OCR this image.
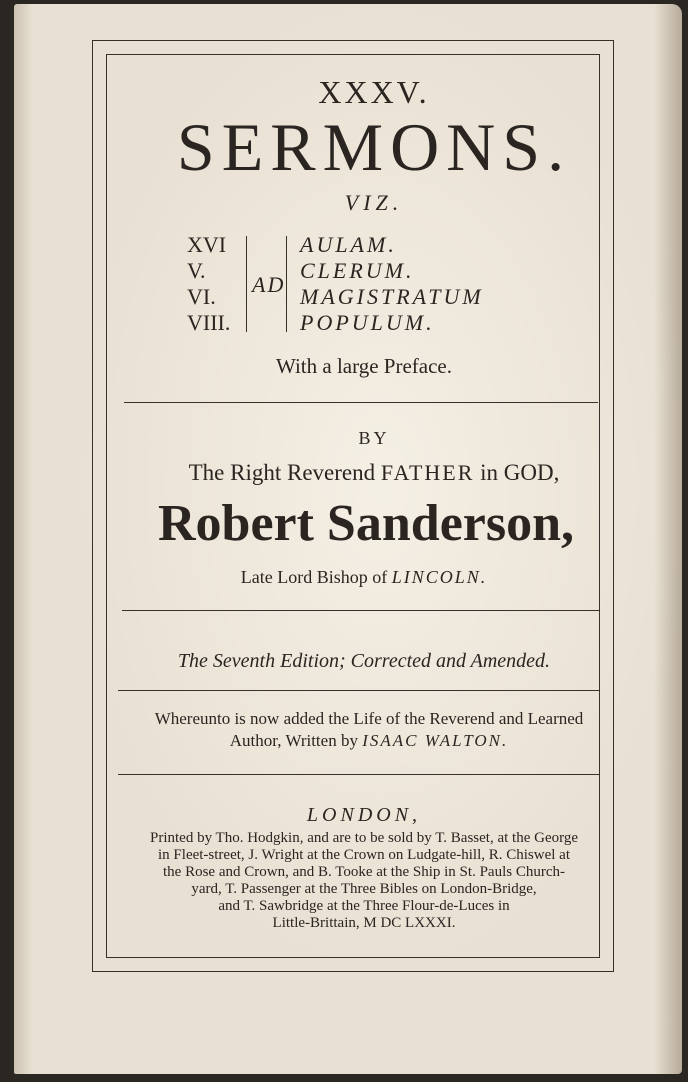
XXXV.
SERMONS.
VIZ.
XVI
V.
VI.
VIII.
AD
AULAM.
CLERUM.
MAGISTRATUM
POPULUM.
With a large Preface.
BY
The Right Reverend FATHER in GOD,
Robert Sanderson,
Late Lord Bishop of LINCOLN.
The Seventh Edition; Corrected and Amended.
Whereunto is now added the Life of the Reverend and Learned
Author, Written by ISAAC WALTON.
LONDON,
Printed by Tho. Hodgkin, and are to be sold by T. Basset, at the George
in Fleet-street, J. Wright at the Crown on Ludgate-hill, R. Chiswel at
the Rose and Crown, and B. Tooke at the Ship in St. Pauls Church-
yard, T. Passenger at the Three Bibles on London-Bridge,
and T. Sawbridge at the Three Flour-de-Luces in
Little-Brittain, M DC LXXXI.
